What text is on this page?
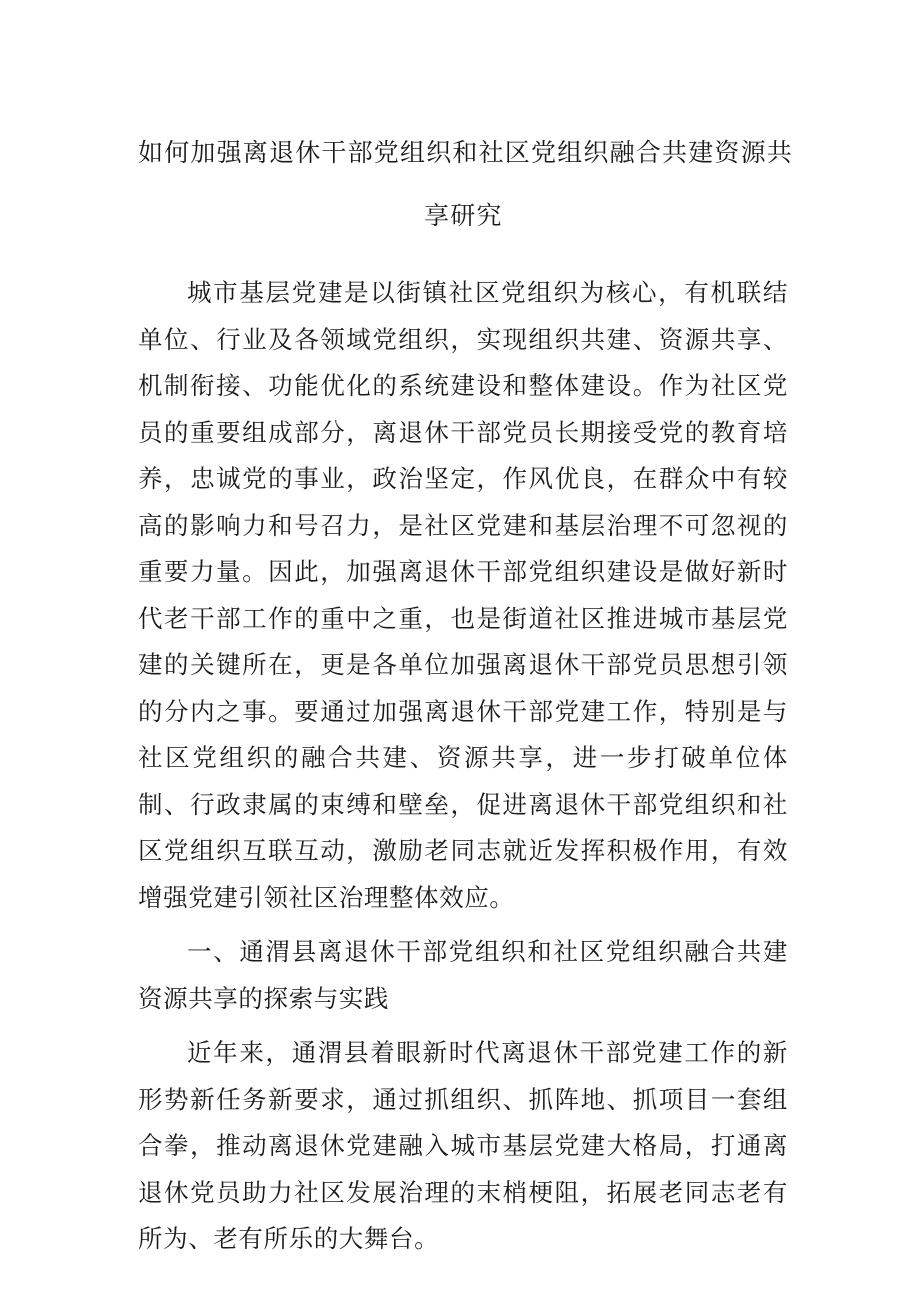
如何加强离退休干部党组织和社区党组织融合共建资源共
享研究

城市基层党建是以街镇社区党组织为核心，有机联结单位、行业及各领域党组织，实现组织共建、资源共享、机制衔接、功能优化的系统建设和整体建设。作为社区党员的重要组成部分，离退休干部党员长期接受党的教育培养，忠诚党的事业，政治坚定，作风优良，在群众中有较高的影响力和号召力，是社区党建和基层治理不可忽视的重要力量。因此，加强离退休干部党组织建设是做好新时代老干部工作的重中之重，也是街道社区推进城市基层党建的关键所在，更是各单位加强离退休干部党员思想引领的分内之事。要通过加强离退休干部党建工作，特别是与社区党组织的融合共建、资源共享，进一步打破单位体制、行政隶属的束缚和壁垒，促进离退休干部党组织和社区党组织互联互动，激励老同志就近发挥积极作用，有效增强党建引领社区治理整体效应。

一、通渭县离退休干部党组织和社区党组织融合共建资源共享的探索与实践

近年来，通渭县着眼新时代离退休干部党建工作的新形势新任务新要求，通过抓组织、抓阵地、抓项目一套组合拳，推动离退休党建融入城市基层党建大格局，打通离退休党员助力社区发展治理的末梢梗阻，拓展老同志老有所为、老有所乐的大舞台。
